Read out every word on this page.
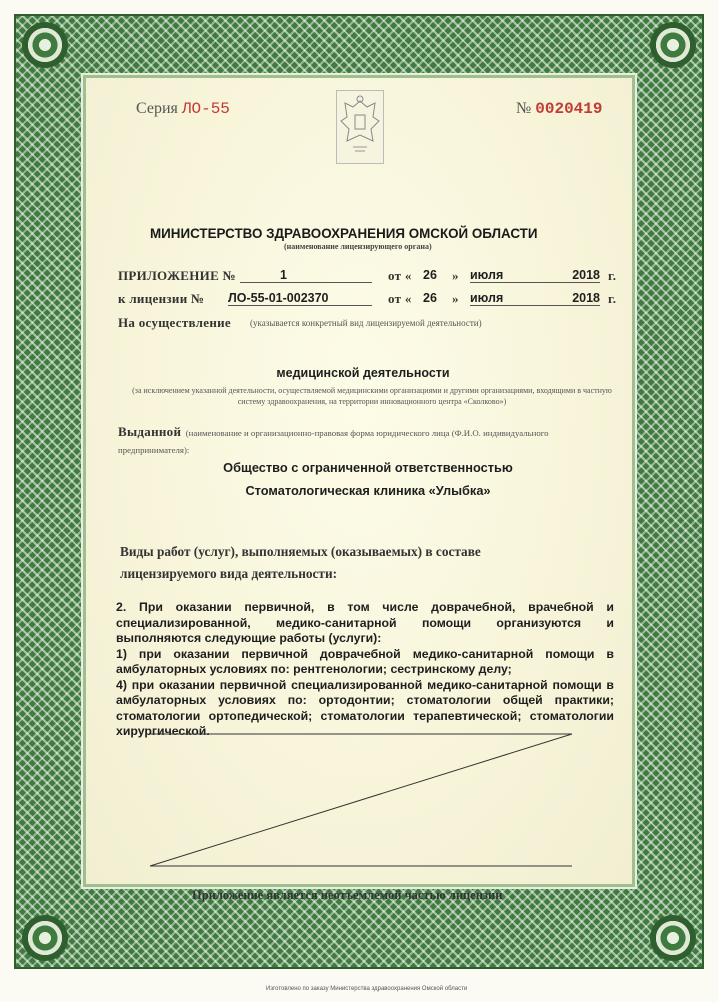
Серия ЛО-55	№ 0020419
МИНИСТЕРСТВО ЗДРАВООХРАНЕНИЯ ОМСКОЙ ОБЛАСТИ
(наименование лицензирующего органа)
ПРИЛОЖЕНИЕ №	1	от « 26 » июля	2018 г.
к лицензии № ЛО-55-01-002370	от « 26 » июля	2018 г.
На осуществление (указывается конкретный вид лицензируемой деятельности)
медицинской деятельности
(за исключением указанной деятельности, осуществляемой медицинскими организациями и другими организациями, входящими в частную систему здравоохранения, на территории инновационного центра «Сколково»)
Выданной (наименование и организационно-правовая форма юридического лица (Ф.И.О. индивидуального предпринимателя):
Общество с ограниченной ответственностью
Стоматологическая клиника «Улыбка»
Виды работ (услуг), выполняемых (оказываемых) в составе
лицензируемого вида деятельности:
2. При оказании первичной, в том числе доврачебной, врачебной и специализированной, медико-санитарной помощи организуются и выполняются следующие работы (услуги):
1) при оказании первичной доврачебной медико-санитарной помощи в амбулаторных условиях по: рентгенологии; сестринскому делу;
4) при оказании первичной специализированной медико-санитарной помощи в амбулаторных условиях по: ортодонтии; стоматологии общей практики; стоматологии ортопедической; стоматологии терапевтической; стоматологии хирургической.
Приложение является неотъемлемой частью лицензии
Изготовлено по заказу Министерства здравоохранения Омской области
